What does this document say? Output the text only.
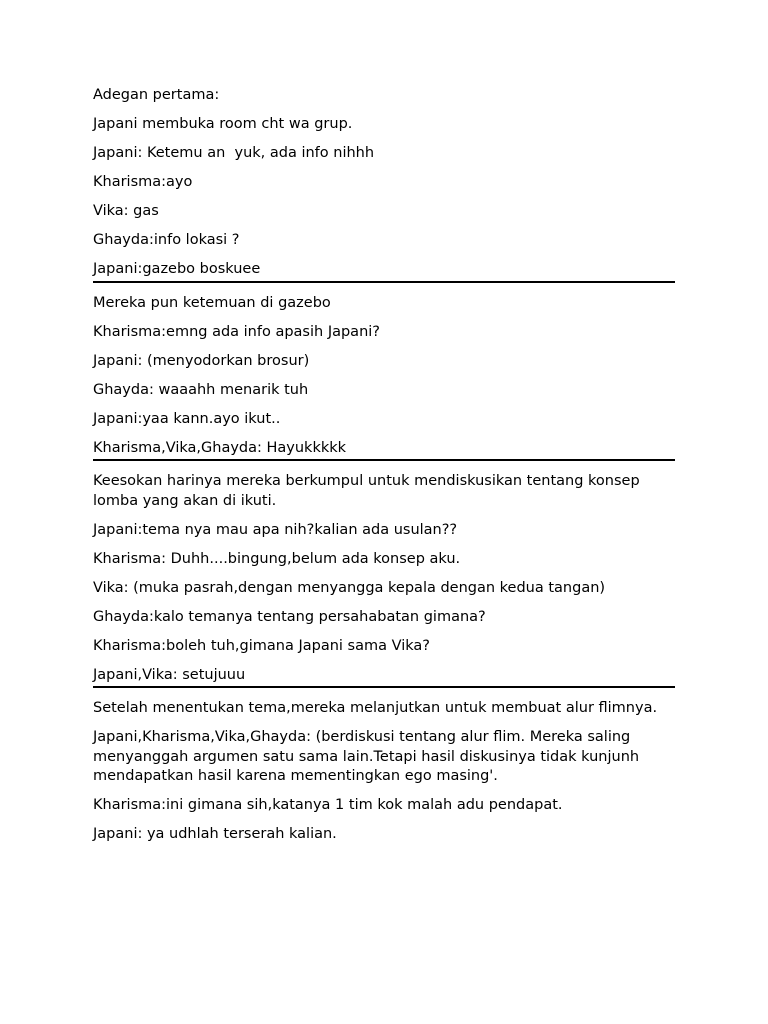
Adegan pertama:

Japani membuka room cht wa grup.

Japani: Ketemu an  yuk, ada info nihhh

Kharisma:ayo

Vika: gas

Ghayda:info lokasi ?

Japani:gazebo boskuee

Mereka pun ketemuan di gazebo

Kharisma:emng ada info apasih Japani?

Japani: (menyodorkan brosur)

Ghayda: waaahh menarik tuh

Japani:yaa kann.ayo ikut..

Kharisma,Vika,Ghayda: Hayukkkkk

Keesokan harinya mereka berkumpul untuk mendiskusikan tentang konsep lomba yang akan di ikuti.

Japani:tema nya mau apa nih?kalian ada usulan??

Kharisma: Duhh....bingung,belum ada konsep aku.

Vika: (muka pasrah,dengan menyangga kepala dengan kedua tangan)

Ghayda:kalo temanya tentang persahabatan gimana?

Kharisma:boleh tuh,gimana Japani sama Vika?

Japani,Vika: setujuuu

Setelah menentukan tema,mereka melanjutkan untuk membuat alur flimnya.

Japani,Kharisma,Vika,Ghayda: (berdiskusi tentang alur flim. Mereka saling menyanggah argumen satu sama lain.Tetapi hasil diskusinya tidak kunjunh mendapatkan hasil karena mementingkan ego masing'.

Kharisma:ini gimana sih,katanya 1 tim kok malah adu pendapat.

Japani: ya udhlah terserah kalian.
